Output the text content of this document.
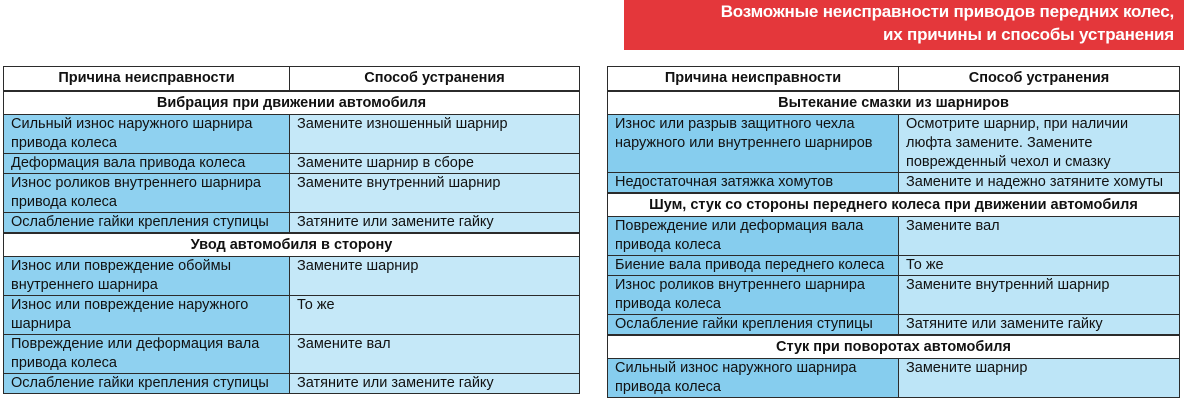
Возможные неисправности приводов передних колес,
их причины и способы устранения
Причина неисправности	Способ устранения
Вибрация при движении автомобиля	
Сильный износ наружного шарнира привода колеса	Замените изношенный шарнир
Деформация вала привода колеса	Замените шарнир в сборе
Износ роликов внутреннего шарнира привода колеса	Замените внутренний шарнир
Ослабление гайки крепления ступицы	Затяните или замените гайку
Увод автомобиля в сторону	
Износ или повреждение обоймы внутреннего шарнира	Замените шарнир
Износ или повреждение наружного шарнира	То же
Повреждение или деформация вала привода колеса	Замените вал
Ослабление гайки крепления ступицы	Затяните или замените гайку
Причина неисправности	Способ устранения
Вытекание смазки из шарниров	
Износ или разрыв защитного чехла наружного или внутреннего шарниров	Осмотрите шарнир, при наличии люфта замените. Замените поврежденный чехол и смазку
Недостаточная затяжка хомутов	Замените и надежно затяните хомуты
Шум, стук со стороны переднего колеса при движении автомобиля	
Повреждение или деформация вала привода колеса	Замените вал
Биение вала привода переднего колеса	То же
Износ роликов внутреннего шарнира привода колеса	Замените внутренний шарнир
Ослабление гайки крепления ступицы	Затяните или замените гайку
Стук при поворотах автомобиля	
Сильный износ наружного шарнира привода колеса	Замените шарнир
